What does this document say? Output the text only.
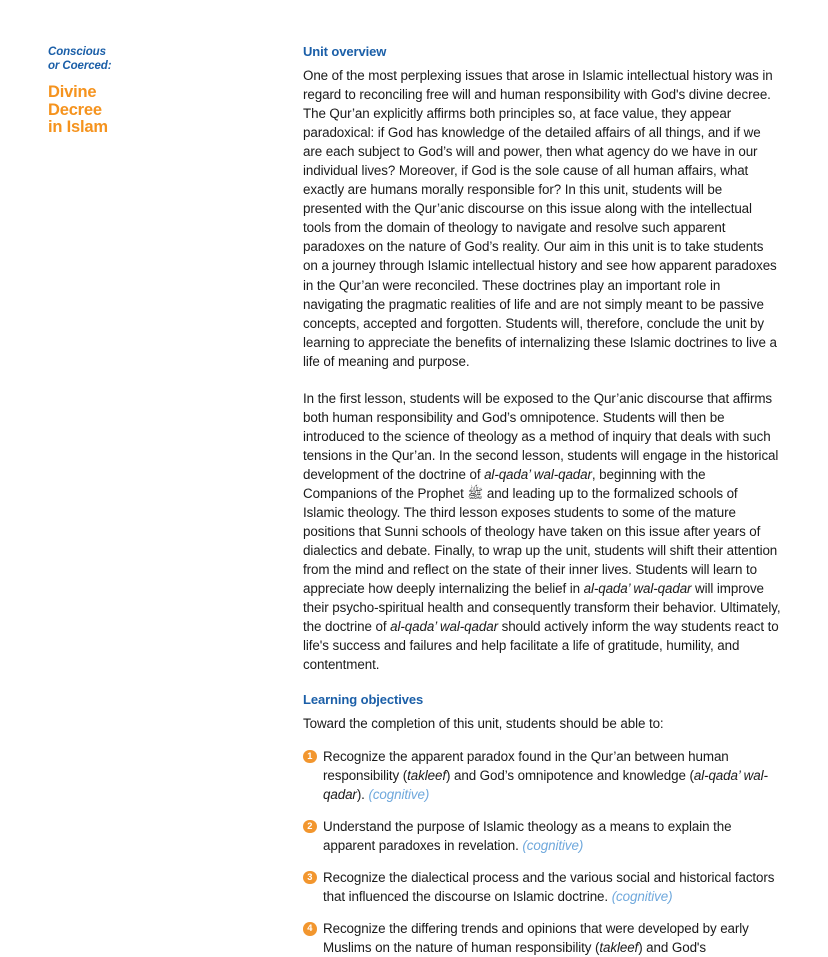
Conscious
or Coerced:
Divine
Decree
in Islam
Unit overview

One of the most perplexing issues that arose in Islamic intellectual history was in regard to reconciling free will and human responsibility with God's divine decree. The Qur’an explicitly affirms both principles so, at face value, they appear paradoxical: if God has knowledge of the detailed affairs of all things, and if we are each subject to God’s will and power, then what agency do we have in our individual lives? Moreover, if God is the sole cause of all human affairs, what exactly are humans morally responsible for? In this unit, students will be presented with the Qur’anic discourse on this issue along with the intellectual tools from the domain of theology to navigate and resolve such apparent paradoxes on the nature of God’s reality. Our aim in this unit is to take students on a journey through Islamic intellectual history and see how apparent paradoxes in the Qur’an were reconciled. These doctrines play an important role in navigating the pragmatic realities of life and are not simply meant to be passive concepts, accepted and forgotten. Students will, therefore, conclude the unit by learning to appreciate the benefits of internalizing these Islamic doctrines to live a life of meaning and purpose.

In the first lesson, students will be exposed to the Qur’anic discourse that affirms both human responsibility and God’s omnipotence. Students will then be introduced to the science of theology as a method of inquiry that deals with such tensions in the Qur’an. In the second lesson, students will engage in the historical development of the doctrine of al-qada’ wal-qadar, beginning with the Companions of the Prophet ﷺ and leading up to the formalized schools of Islamic theology. The third lesson exposes students to some of the mature positions that Sunni schools of theology have taken on this issue after years of dialectics and debate. Finally, to wrap up the unit, students will shift their attention from the mind and reflect on the state of their inner lives. Students will learn to appreciate how deeply internalizing the belief in al-qada’ wal-qadar will improve their psycho-spiritual health and consequently transform their behavior. Ultimately, the doctrine of al-qada’ wal-qadar should actively inform the way students react to life's success and failures and help facilitate a life of gratitude, humility, and contentment.

Learning objectives

Toward the completion of this unit, students should be able to:

1 Recognize the apparent paradox found in the Qur’an between human responsibility (takleef) and God’s omnipotence and knowledge (al-qada’ wal-qadar). (cognitive)
2 Understand the purpose of Islamic theology as a means to explain the apparent paradoxes in revelation. (cognitive)
3 Recognize the dialectical process and the various social and historical factors that influenced the discourse on Islamic doctrine. (cognitive)
4 Recognize the differing trends and opinions that were developed by early Muslims on the nature of human responsibility (takleef) and God's
